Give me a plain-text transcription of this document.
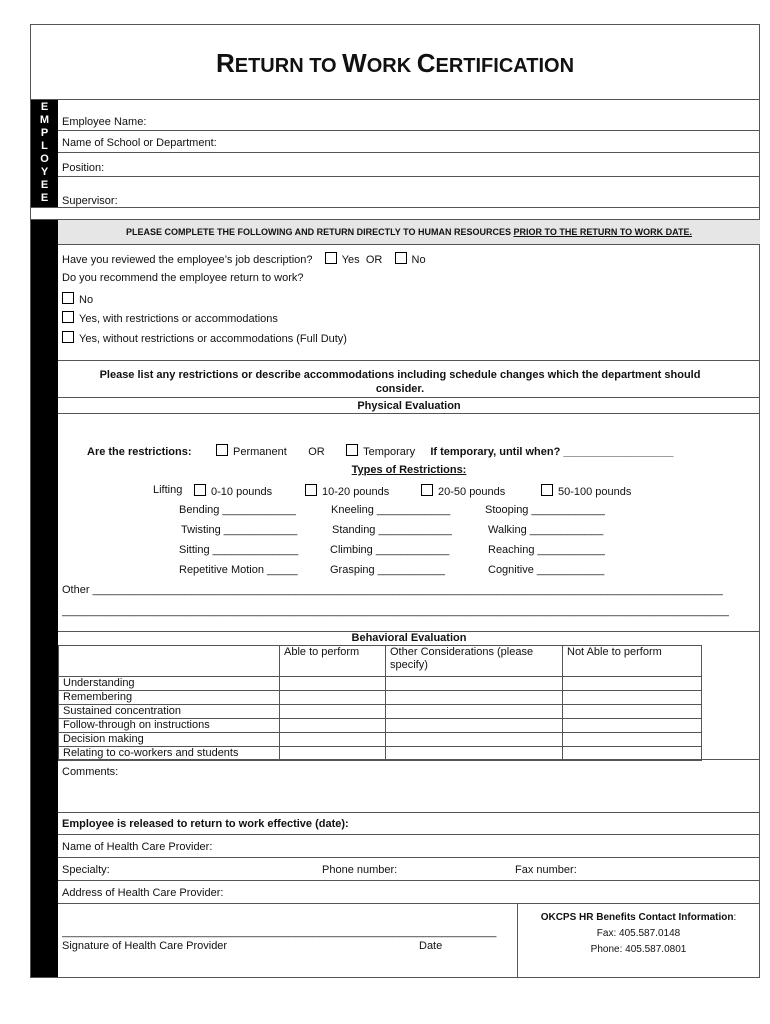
RETURN TO WORK CERTIFICATION
E
M
P
L
O
Y
E
E
Employee Name:
Name of School or Department:
Position:
Supervisor:
PLEASE COMPLETE THE FOLLOWING AND RETURN DIRECTLY TO HUMAN RESOURCES PRIOR TO THE RETURN TO WORK DATE.
Have you reviewed the employee’s job description?	Yes OR	No
Do you recommend the employee return to work?
No
Yes, with restrictions or accommodations
Yes, without restrictions or accommodations (Full Duty)
Please list any restrictions or describe accommodations including schedule changes which the department should consider.
Physical Evaluation
Are the restrictions:	Permanent OR	Temporary If temporary, until when? __________________
Types of Restrictions:
Lifting	0-10 pounds	10-20 pounds	20-50 pounds	50-100 pounds
Bending ____________	Kneeling ____________	Stooping ____________
Twisting ____________	Standing ____________	Walking ____________
Sitting ______________	Climbing ____________	Reaching ___________
Repetitive Motion _____	Grasping ___________	Cognitive ___________
Other _______________________________________________________________________________________________________
_____________________________________________________________________________________________________________
Behavioral Evaluation
	Able to perform	Other Considerations (please specify)	Not Able to perform
Understanding			
Remembering			
Sustained concentration			
Follow-through on instructions			
Decision making			
Relating to co-workers and students			
Comments:
Employee is released to return to work effective (date):
Name of Health Care Provider:
Specialty:	Phone number:	Fax number:
Address of Health Care Provider:
_______________________________________________________________________
Signature of Health Care Provider	Date
OKCPS HR Benefits Contact Information:
Fax: 405.587.0148
Phone: 405.587.0801
